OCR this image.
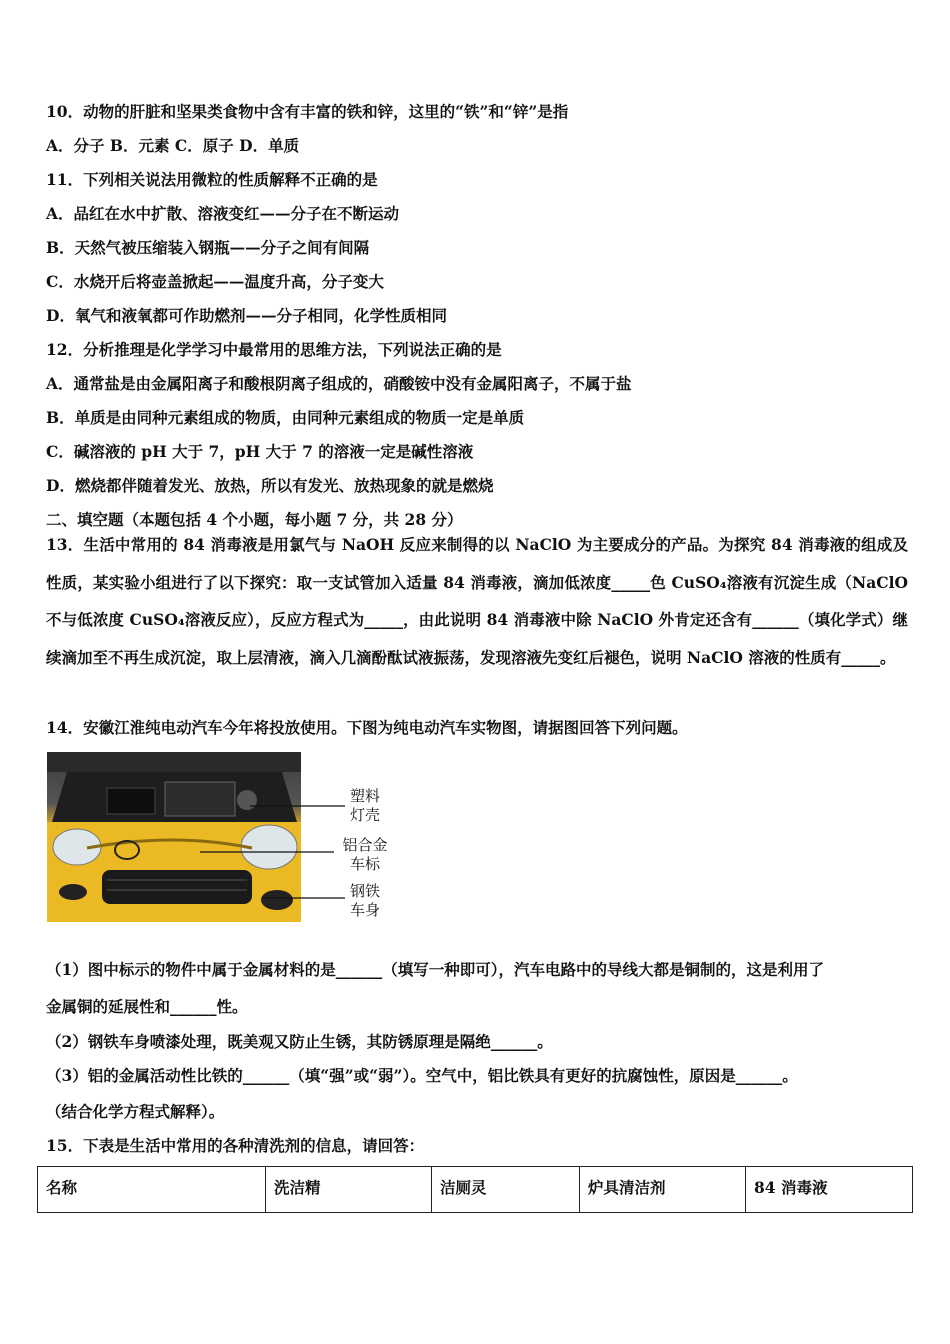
10．动物的肝脏和坚果类食物中含有丰富的铁和锌，这里的“铁”和“锌”是指
A．分子 B．元素 C．原子 D．单质
11．下列相关说法用微粒的性质解释不正确的是
A．品红在水中扩散、溶液变红——分子在不断运动
B．天然气被压缩装入钢瓶——分子之间有间隔
C．水烧开后将壶盖掀起——温度升高，分子变大
D．氧气和液氧都可作助燃剂——分子相同，化学性质相同
12．分析推理是化学学习中最常用的思维方法，下列说法正确的是
A．通常盐是由金属阳离子和酸根阴离子组成的，硝酸铵中没有金属阳离子，不属于盐
B．单质是由同种元素组成的物质，由同种元素组成的物质一定是单质
C．碱溶液的 pH 大于 7，pH 大于 7 的溶液一定是碱性溶液
D．燃烧都伴随着发光、放热，所以有发光、放热现象的就是燃烧
二、填空题（本题包括 4 个小题，每小题 7 分，共 28 分）
13．生活中常用的 84 消毒液是用氯气与 NaOH 反应来制得的以 NaClO 为主要成分的产品。为探究 84 消毒液的组成及性质，某实验小组进行了以下探究：取一支试管加入适量 84 消毒液，滴加低浓度_____色 CuSO₄溶液有沉淀生成（NaClO 不与低浓度 CuSO₄溶液反应），反应方程式为_____，由此说明 84 消毒液中除 NaClO 外肯定还含有______（填化学式）继续滴加至不再生成沉淀，取上层清液，滴入几滴酚酞试液振荡，发现溶液先变红后褪色，说明 NaClO 溶液的性质有_____。
14．安徽江淮纯电动汽车今年将投放使用。下图为纯电动汽车实物图，请据图回答下列问题。
塑料
灯壳
铝合金
车标
钢铁
车身
（1）图中标示的物件中属于金属材料的是______（填写一种即可），汽车电路中的导线大都是铜制的，这是利用了
金属铜的延展性和______性。
（2）钢铁车身喷漆处理，既美观又防止生锈，其防锈原理是隔绝______。
（3）铝的金属活动性比铁的______（填“强”或“弱”）。空气中，铝比铁具有更好的抗腐蚀性，原因是______。
（结合化学方程式解释）。
15．下表是生活中常用的各种清洗剂的信息，请回答：
名称	洗洁精	洁厕灵	炉具清洁剂	84 消毒液
